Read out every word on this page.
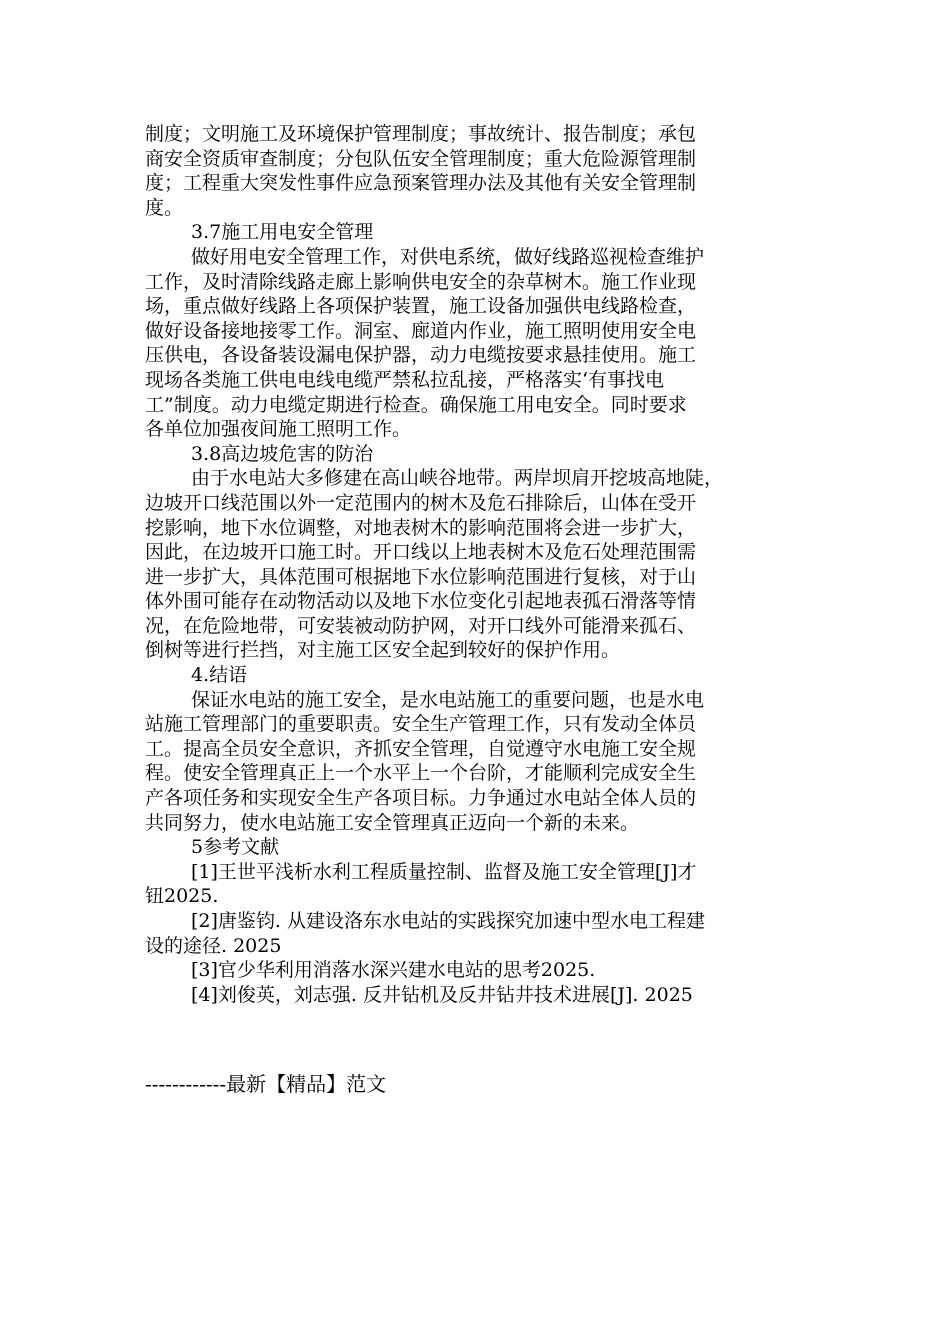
制度；文明施工及环境保护管理制度；事故统计、报告制度；承包
商安全资质审查制度；分包队伍安全管理制度；重大危险源管理制
度；工程重大突发性事件应急预案管理办法及其他有关安全管理制
度。
3.7施工用电安全管理
做好用电安全管理工作，对供电系统，做好线路巡视检查维护
工作，及时清除线路走廊上影响供电安全的杂草树木。施工作业现
场，重点做好线路上各项保护装置，施工设备加强供电线路检查，
做好设备接地接零工作。洞室、廊道内作业，施工照明使用安全电
压供电，各设备装设漏电保护器，动力电缆按要求悬挂使用。施工
现场各类施工供电电线电缆严禁私拉乱接，严格落实‘有事找电
工”制度。动力电缆定期进行检查。确保施工用电安全。同时要求
各单位加强夜间施工照明工作。
3.8高边坡危害的防治
由于水电站大多修建在高山峡谷地带。两岸坝肩开挖坡高地陡，
边坡开口线范围以外一定范围内的树木及危石排除后，山体在受开
挖影响，地下水位调整，对地表树木的影响范围将会进一步扩大，
因此，在边坡开口施工时。开口线以上地表树木及危石处理范围需
进一步扩大，具体范围可根据地下水位影响范围进行复核，对于山
体外围可能存在动物活动以及地下水位变化引起地表孤石滑落等情
况，在危险地带，可安装被动防护网，对开口线外可能滑来孤石、
倒树等进行拦挡，对主施工区安全起到较好的保护作用。
4.结语
保证水电站的施工安全，是水电站施工的重要问题，也是水电
站施工管理部门的重要职责。安全生产管理工作，只有发动全体员
工。提高全员安全意识，齐抓安全管理，自觉遵守水电施工安全规
程。使安全管理真正上一个水平上一个台阶，才能顺利完成安全生
产各项任务和实现安全生产各项目标。力争通过水电站全体人员的
共同努力，使水电站施工安全管理真正迈向一个新的未来。
5参考文献
[1]王世平浅析水利工程质量控制、监督及施工安全管理[J]才
钮2025.
[2]唐鉴钧. 从建设洛东水电站的实践探究加速中型水电工程建
设的途径. 2025
[3]官少华利用消落水深兴建水电站的思考2025.
[4]刘俊英，刘志强. 反井钻机及反井钻井技术进展[J]. 2025
------------最新【精品】范文
